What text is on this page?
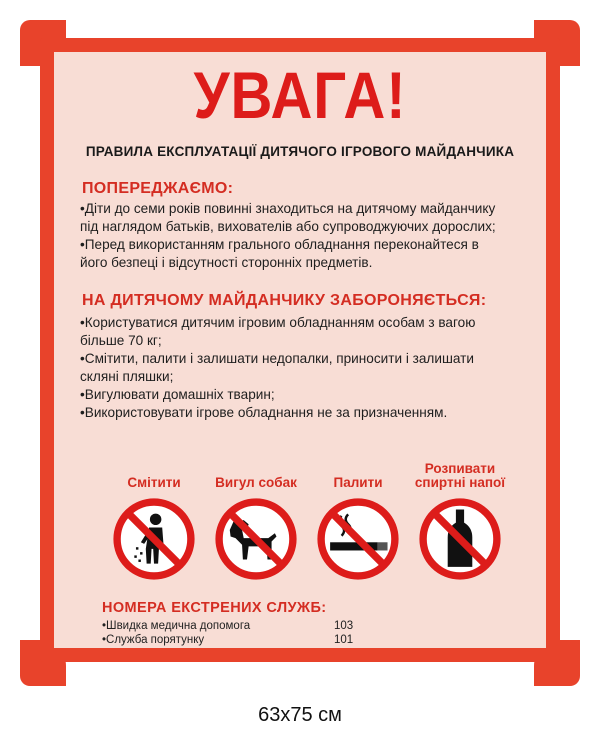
УВАГА!
ПРАВИЛА ЕКСПЛУАТАЦІЇ ДИТЯЧОГО ІГРОВОГО МАЙДАНЧИКА
ПОПЕРЕДЖАЄМО:
•Діти до семи років повинні знаходиться на дитячому майданчику
під наглядом батьків, вихователів або супроводжуючих дорослих;
•Перед використанням грального обладнання переконайтеся в
його безпеці і відсутності сторонніх предметів.
НА ДИТЯЧОМУ МАЙДАНЧИКУ ЗАБОРОНЯЄТЬСЯ:
•Користуватися дитячим ігровим обладнанням особам з вагою
більше 70 кг;
•Смітити, палити і залишати недопалки, приносити і залишати
скляні пляшки;
•Вигулювати домашніх тварин;
•Використовувати ігрове обладнання не за призначенням.
Смітити	Вигул собак	Палити
Розпивати спиртні напої
НОМЕРА ЕКСТРЕНИХ СЛУЖБ:
•Швидка медична допомога	103
•Служба порятунку	101
63x75 см
